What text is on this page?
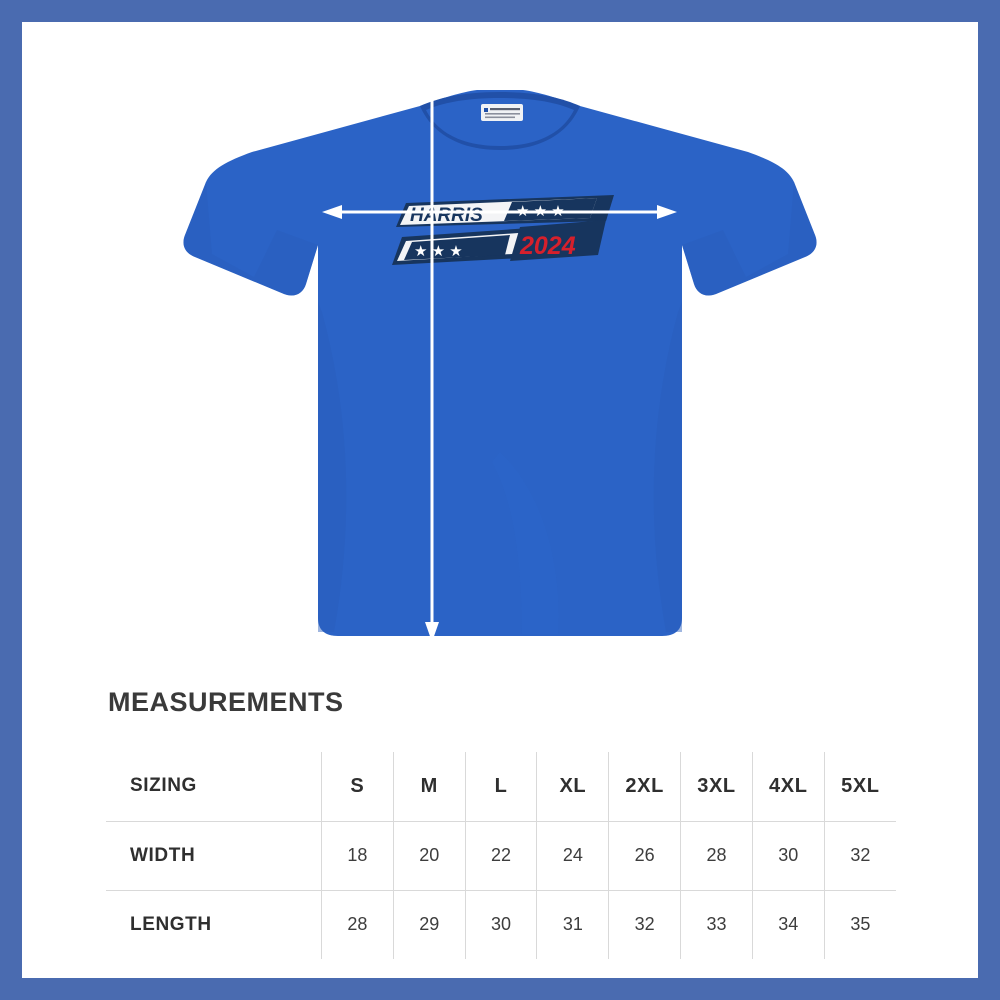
HARRIS ★ ★ ★
★ ★ ★ 2024
MEASUREMENTS
SIZING	S	M	L	XL	2XL	3XL	4XL	5XL
WIDTH	18	20	22	24	26	28	30	32
LENGTH	28	29	30	31	32	33	34	35
